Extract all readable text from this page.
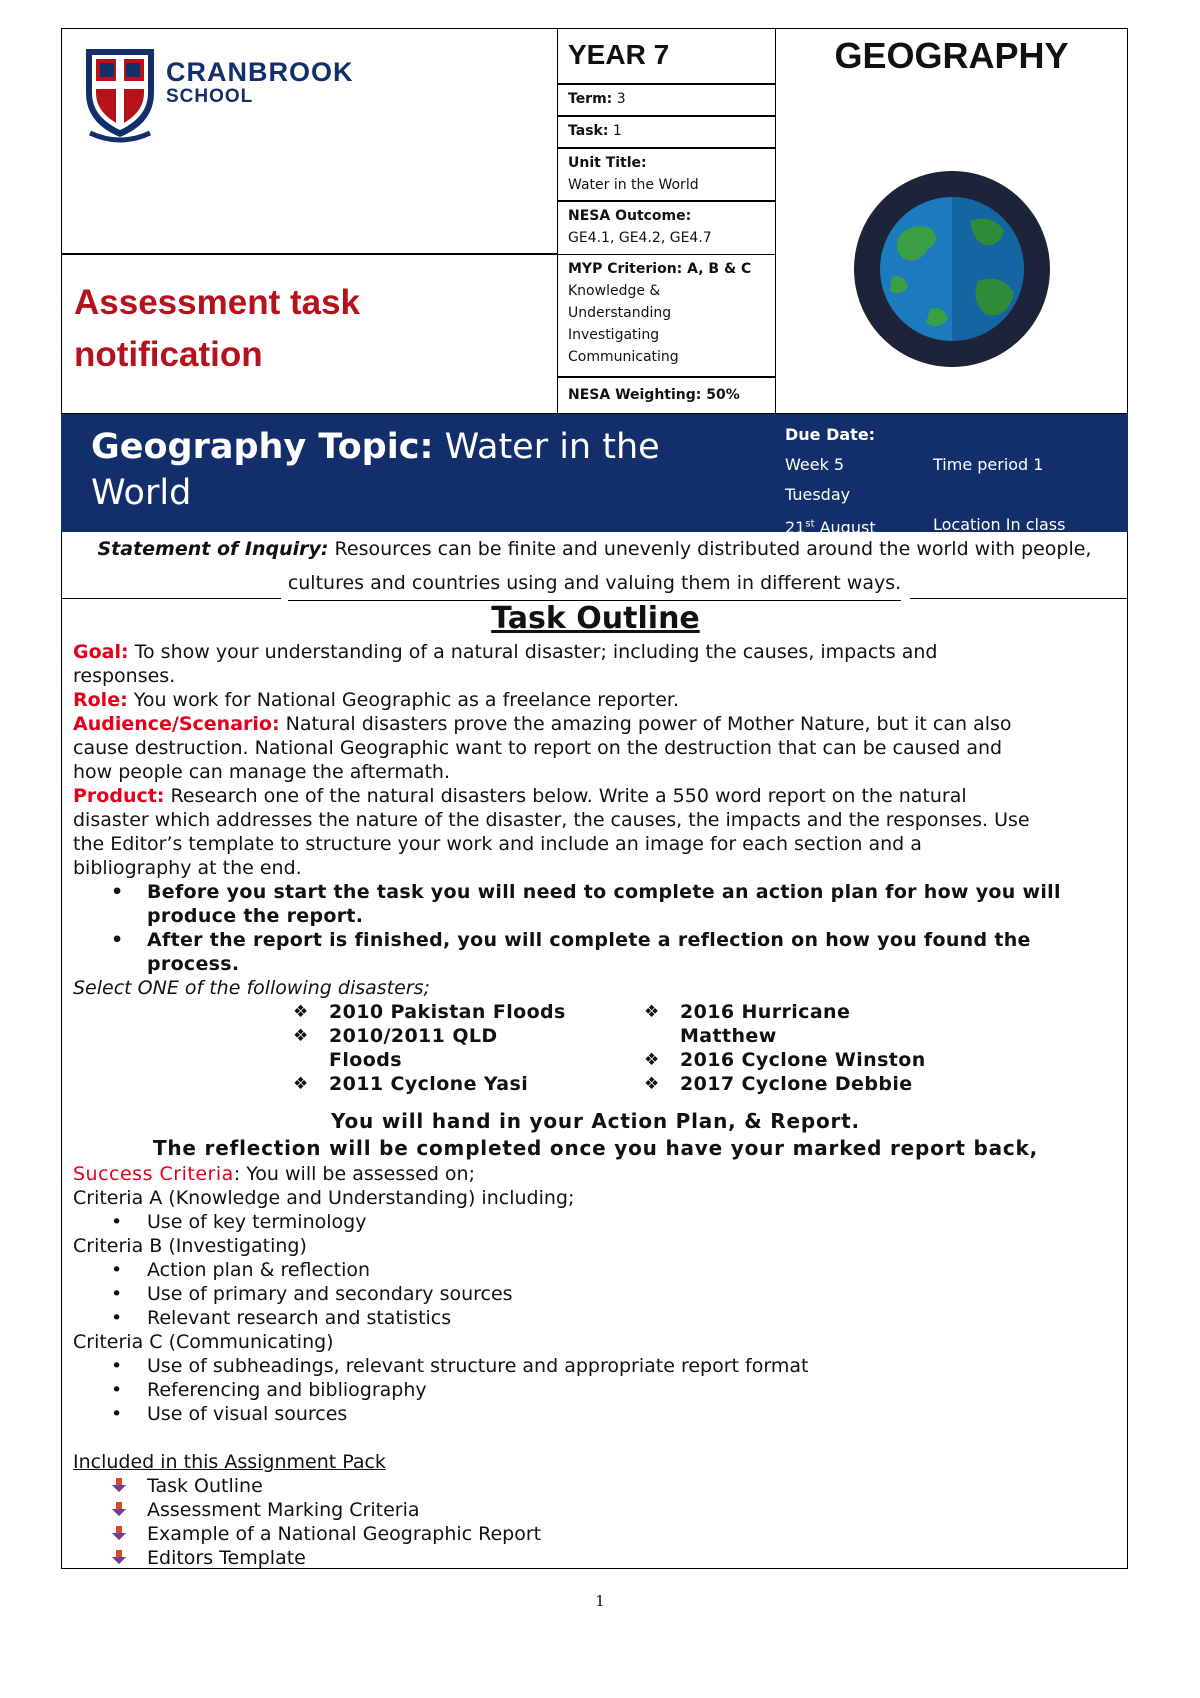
CRANBROOK
SCHOOL
Assessment task
notification
YEAR 7
Term: 3
Task: 1
Unit Title:
Water in the World
NESA Outcome:
GE4.1, GE4.2, GE4.7
MYP Criterion: A, B & C
Knowledge &
Understanding
Investigating
Communicating
NESA Weighting: 50%
GEOGRAPHY
Geography Topic: Water in the
World
Due Date:
Week 5	Time period 1
Tuesday
21st August	Location In class
Statement of Inquiry: Resources can be finite and unevenly distributed around the world with people,
cultures and countries using and valuing them in different ways.
Task Outline
Goal: To show your understanding of a natural disaster; including the causes, impacts and
responses.
Role: You work for National Geographic as a freelance reporter.
Audience/Scenario: Natural disasters prove the amazing power of Mother Nature, but it can also
cause destruction. National Geographic want to report on the destruction that can be caused and
how people can manage the aftermath.
Product: Research one of the natural disasters below. Write a 550 word report on the natural
disaster which addresses the nature of the disaster, the causes, the impacts and the responses. Use
the Editor’s template to structure your work and include an image for each section and a
bibliography at the end.
• Before you start the task you will need to complete an action plan for how you will
produce the report.
• After the report is finished, you will complete a reflection on how you found the
process.
Select ONE of the following disasters;
❖ 2010 Pakistan Floods
❖ 2010/2011 QLD
Floods
❖ 2011 Cyclone Yasi
❖ 2016 Hurricane
Matthew
❖ 2016 Cyclone Winston
❖ 2017 Cyclone Debbie
You will hand in your Action Plan, & Report.
The reflection will be completed once you have your marked report back,
Success Criteria: You will be assessed on;
Criteria A (Knowledge and Understanding) including;
• Use of key terminology
Criteria B (Investigating)
• Action plan & reflection
• Use of primary and secondary sources
• Relevant research and statistics
Criteria C (Communicating)
• Use of subheadings, relevant structure and appropriate report format
• Referencing and bibliography
• Use of visual sources
Included in this Assignment Pack
Task Outline
Assessment Marking Criteria
Example of a National Geographic Report
Editors Template
1
